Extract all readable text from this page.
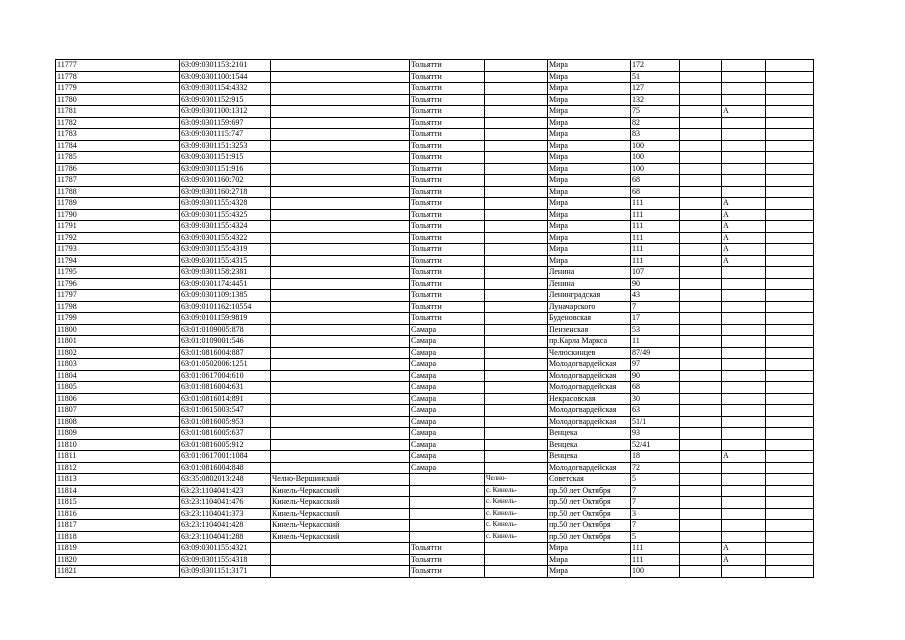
11777	63:09:0301153:2101		Тольятти		Мира	172			
11778	63:09:0301100:1544		Тольятти		Мира	51			
11779	63:09:0301154:4332		Тольятти		Мира	127			
11780	63:09:0301152:915		Тольятти		Мира	132			
11781	63:09:0301100:1312		Тольятти		Мира	75		А	
11782	63:09:0301159:697		Тольятти		Мира	82			
11783	63:09:0301115:747		Тольятти		Мира	83			
11784	63:09:0301151:3253		Тольятти		Мира	100			
11785	63:09:0301151:915		Тольятти		Мира	100			
11786	63:09:0301151:916		Тольятти		Мира	100			
11787	63:09:0301160:702		Тольятти		Мира	68			
11788	63:09:0301160:2718		Тольятти		Мира	68			
11789	63:09:0301155:4328		Тольятти		Мира	111		А	
11790	63:09:0301155:4325		Тольятти		Мира	111		А	
11791	63:09:0301155:4324		Тольятти		Мира	111		А	
11792	63:09:0301155:4322		Тольятти		Мира	111		А	
11793	63:09:0301155:4319		Тольятти		Мира	111		А	
11794	63:09:0301155:4315		Тольятти		Мира	111		А	
11795	63:09:0301158:2381		Тольятти		Ленина	107			
11796	63:09:0301174:4451		Тольятти		Ленина	90			
11797	63:09:0301109:1385		Тольятти		Ленинградская	43			
11798	63:09:0101162:10554		Тольятти		Луначарского	7			
11799	63:09:0101159:9819		Тольятти		Буденовская	17			
11800	63:01:0109005:878		Самара		Пензенская	53			
11801	63:01:0109001:546		Самара		пр.Карла Маркса	11			
11802	63:01:0816004:887		Самара		Челюскинцев	87/49			
11803	63:01:0502006:1251		Самара		Молодогвардейская	97			
11804	63:01:0617004:610		Самара		Молодогвардейская	90			
11805	63:01:0816004:631		Самара		Молодогвардейская	68			
11806	63:01:0816014:891		Самара		Некрасовская	30			
11807	63:01:0615003:547		Самара		Молодогвардейская	63			
11808	63:01:0816005:953		Самара		Молодогвардейская	51/1			
11809	63:01:0816005:637		Самара		Венцека	93			
11810	63:01:0816005:912		Самара		Венцека	52/41			
11811	63:01:0617001:1084		Самара		Венцека	18		А	
11812	63:01:0816004:848		Самара		Молодогвардейская	72			
11813	63:35:0802013:248	Челно-Вершинский		Челно-	Советская	5			
11814	63:23:1104041:423	Кинель-Черкасский		с. Кинель-	пр.50 лет Октября	7			
11815	63:23:1104041:476	Кинель-Черкасский		с. Кинель-	пр.50 лет Октября	7			
11816	63:23:1104041:373	Кинель-Черкасский		с. Кинель-	пр.50 лет Октября	3			
11817	63:23:1104041:428	Кинель-Черкасский		с. Кинель-	пр.50 лет Октября	7			
11818	63:23:1104041:288	Кинель-Черкасский		с. Кинель-	пр.50 лет Октября	5			
11819	63:09:0301155:4321		Тольятти		Мира	111		А	
11820	63:09:0301155:4318		Тольятти		Мира	111		А	
11821	63:09:0301151:3171		Тольятти		Мира	100			
